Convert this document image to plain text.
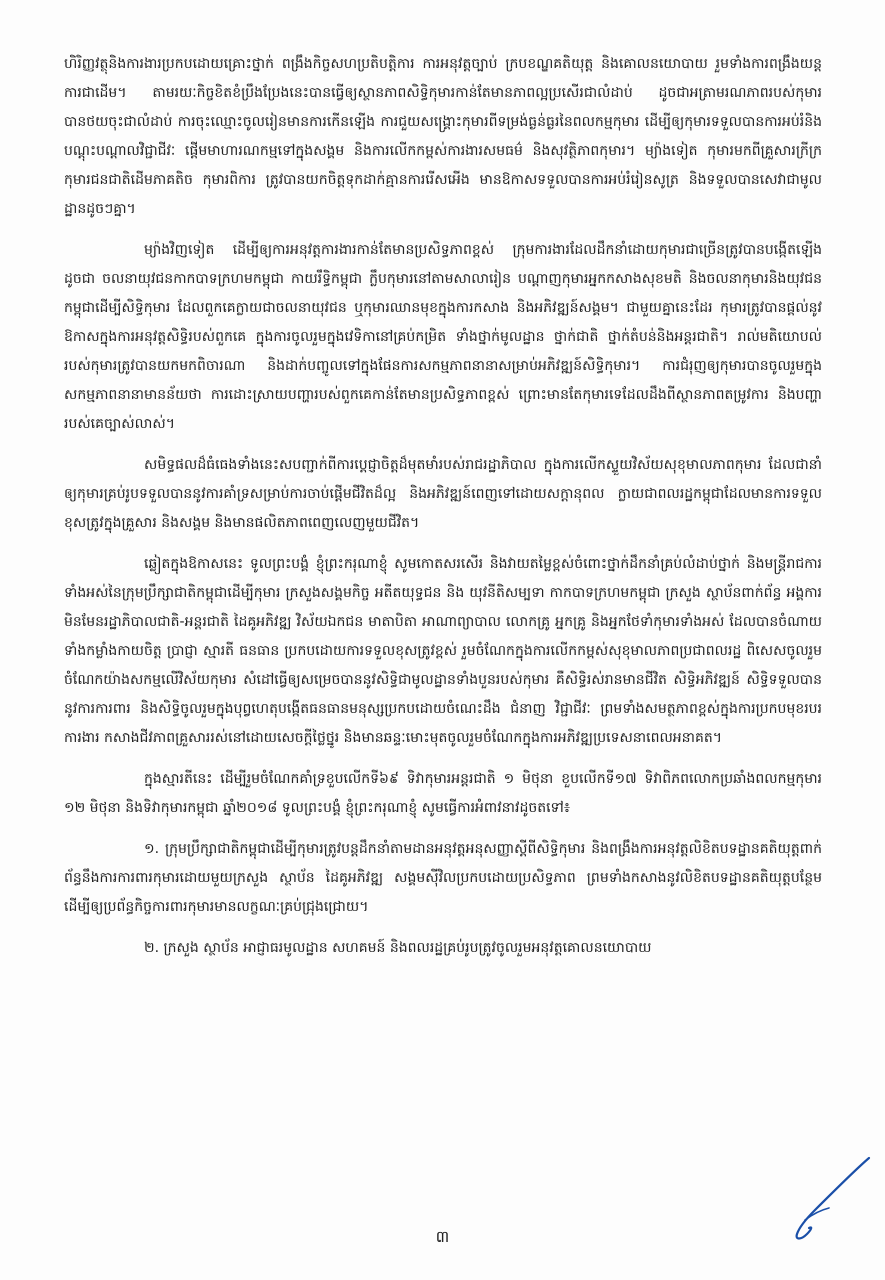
ហិរិញ្ញវត្ថុនិងការងារប្រកបដោយគ្រោះថ្នាក់ ពង្រឹងកិច្ចសហប្រតិបត្តិការ ការអនុវត្តច្បាប់ ក្របខណ្ឌគតិយុត្ត និងគោលនយោបាយ រួមទាំងការពង្រឹងយន្តការជាដើម។ តាមរយៈកិច្ចខិតខំប្រឹងប្រែងនេះបានធ្វើឲ្យស្ថានភាពសិទ្ធិកុមារកាន់តែមានភាពល្អប្រសើរជាលំដាប់ ដូចជាអត្រាមរណភាពរបស់កុមារបានថយចុះជាលំដាប់ ការចុះឈ្មោះចូលរៀនមានការកើនឡើង ការជួយសង្គ្រោះកុមារពីទម្រង់ធ្ងន់ធ្ងរនៃពលកម្មកុមារ ដើម្បីឲ្យកុមារទទួលបានការអប់រំនិងបណ្ដុះបណ្ដាលវិជ្ជាជីវៈ ផ្ដើមមាហារណកម្មទៅក្នុងសង្គម និងការលើកកម្ពស់ការងារសមធម៌ និងសុវត្ថិភាពកុមារ។ ម្យ៉ាងទៀត កុមារមកពីគ្រួសារក្រីក្រ កុមារជនជាតិដើមភាគតិច កុមារពិការ ត្រូវបានយកចិត្តទុកដាក់គ្មានការរើសអើង មានឱកាសទទួលបានការអប់រំរៀនសូត្រ និងទទួលបានសេវាជាមូលដ្ឋានដូចៗគ្នា។

ម្យ៉ាងវិញទៀត ដើម្បីឲ្យការអនុវត្តការងារកាន់តែមានប្រសិទ្ធភាពខ្ពស់ ក្រុមការងារដែលដឹកនាំដោយកុមារជាច្រើនត្រូវបានបង្កើតឡើងដូចជា ចលនាយុវជនកាកបាទក្រហមកម្ពុជា កាយរឹទ្ធិកម្ពុជា ក្លឹបកុមារនៅតាមសាលារៀន បណ្ដាញកុមារអ្នកកសាងសុខមតិ និងចលនាកុមារនិងយុវជនកម្ពុជាដើម្បីសិទ្ធិកុមារ ដែលពួកគេក្លាយជាចលនាយុវជន ឬកុមារឈានមុខក្នុងការកសាង និងអភិវឌ្ឍន៍សង្គម។ ជាមួយគ្នានេះដែរ កុមារត្រូវបានផ្ដល់នូវឱកាសក្នុងការអនុវត្តសិទ្ធិរបស់ពួកគេ ក្នុងការចូលរួមក្នុងវេទិកានៅគ្រប់កម្រិត ទាំងថ្នាក់មូលដ្ឋាន ថ្នាក់ជាតិ ថ្នាក់តំបន់និងអន្តរជាតិ។ រាល់មតិយោបល់របស់កុមារត្រូវបានយកមកពិចារណា និងដាក់បញ្ចូលទៅក្នុងផែនការសកម្មភាពនានាសម្រាប់អភិវឌ្ឍន៍សិទ្ធិកុមារ។ ការជំរុញឲ្យកុមារបានចូលរួមក្នុងសកម្មភាពនានាមានន័យថា ការដោះស្រាយបញ្ហារបស់ពួកគេកាន់តែមានប្រសិទ្ធភាពខ្ពស់ ព្រោះមានតែកុមារទេដែលដឹងពីស្ថានភាពតម្រូវការ និងបញ្ហារបស់គេច្បាស់លាស់។

សមិទ្ធផលដ៏ធំធេងទាំងនេះសបញ្ជាក់ពីការប្ដេជ្ញាចិត្តដ៏មុតមាំរបស់រាជរដ្ឋាភិបាល ក្នុងការលើកស្ទួយវិស័យសុខុមាលភាពកុមារ ដែលជានាំឲ្យកុមារគ្រប់រូបទទួលបាននូវការគាំទ្រសម្រាប់ការចាប់ផ្ដើមជីវិតដ៏ល្អ និងអភិវឌ្ឍន៍ពេញទៅដោយសក្ដានុពល ក្លាយជាពលរដ្ឋកម្ពុជាដែលមានការទទួលខុសត្រូវក្នុងគ្រួសារ និងសង្គម និងមានផលិតភាពពេញលេញមួយជីវិត។

ឆ្លៀតក្នុងឱកាសនេះ ទូលព្រះបង្គំ ខ្ញុំព្រះករុណាខ្ញុំ សូមកោតសរសើរ និងវាយតម្លៃខ្ពស់ចំពោះថ្នាក់ដឹកនាំគ្រប់លំដាប់ថ្នាក់ និងមន្ត្រីរាជការទាំងអស់នៃក្រុមប្រឹក្សាជាតិកម្ពុជាដើម្បីកុមារ ក្រសួងសង្គមកិច្ច អតីតយុទ្ធជន និង យុវនីតិសម្បទា កាកបាទក្រហមកម្ពុជា ក្រសួង ស្ថាប័នពាក់ព័ន្ធ អង្គការមិនមែនរដ្ឋាភិបាលជាតិ-អន្តរជាតិ ដៃគូអភិវឌ្ឍ វិស័យឯកជន មាតាបិតា អាណាព្យាបាល លោកគ្រូ អ្នកគ្រូ និងអ្នកថែទាំកុមារទាំងអស់ ដែលបានចំណាយទាំងកម្លាំងកាយចិត្ត ប្រាជ្ញា ស្មារតី ធនធាន ប្រកបដោយការទទួលខុសត្រូវខ្ពស់ រួមចំណែកក្នុងការលើកកម្ពស់សុខុមាលភាពប្រជាពលរដ្ឋ ពិសេសចូលរួមចំណែកយ៉ាងសកម្មលើវិស័យកុមារ សំដៅធ្វើឲ្យសម្រេចបាននូវសិទ្ធិជាមូលដ្ឋានទាំងបួនរបស់កុមារ គឺសិទ្ធិរស់រានមានជីវិត សិទ្ធិអភិវឌ្ឍន៍ សិទ្ធិទទួលបាននូវការការពារ និងសិទ្ធិចូលរួមក្នុងបុព្វហេតុបង្កើតធនធានមនុស្សប្រកបដោយចំណេះដឹង ជំនាញ វិជ្ជាជីវៈ ព្រមទាំងសមត្ថភាពខ្ពស់ក្នុងការប្រកបមុខរបរ ការងារ កសាងជីវភាពគ្រួសាររស់នៅដោយសេចក្ដីថ្លៃថ្នូរ និងមានឆន្ទៈមោះមុតចូលរួមចំណែកក្នុងការអភិវឌ្ឍប្រទេសនាពេលអនាគត។

ក្នុងស្មារតីនេះ ដើម្បីរួមចំណែកគាំទ្រខួបលើកទី៦៩ ទិវាកុមារអន្តរជាតិ ១ មិថុនា ខួបលើកទី១៧ ទិវាពិភពលោកប្រឆាំងពលកម្មកុមារ ១២ មិថុនា និងទិវាកុមារកម្ពុជា ឆ្នាំ២០១៨ ទូលព្រះបង្គំ ខ្ញុំព្រះករុណាខ្ញុំ សូមធ្វើការអំពាវនាវដូចតទៅ៖

១. ក្រុមប្រឹក្សាជាតិកម្ពុជាដើម្បីកុមារត្រូវបន្តដឹកនាំតាមដានអនុវត្តអនុសញ្ញាស្ដីពីសិទ្ធិកុមារ និងពង្រឹងការអនុវត្តលិខិតបទដ្ឋានគតិយុត្តពាក់ព័ន្ធនឹងការការពារកុមារដោយមួយក្រសួង ស្ថាប័ន ដៃគូអភិវឌ្ឍ សង្គមស៊ីវិលប្រកបដោយប្រសិទ្ធភាព ព្រមទាំងកសាងនូវលិខិតបទដ្ឋានគតិយុត្តបន្ថែម ដើម្បីឲ្យប្រព័ន្ធកិច្ចការពារកុមារមានលក្ខណៈគ្រប់ជ្រុងជ្រោយ។

២. ក្រសួង ស្ថាប័ន អាជ្ញាធរមូលដ្ឋាន សហគមន៍ និងពលរដ្ឋគ្រប់រូបត្រូវចូលរួមអនុវត្តគោលនយោបាយ

៣
